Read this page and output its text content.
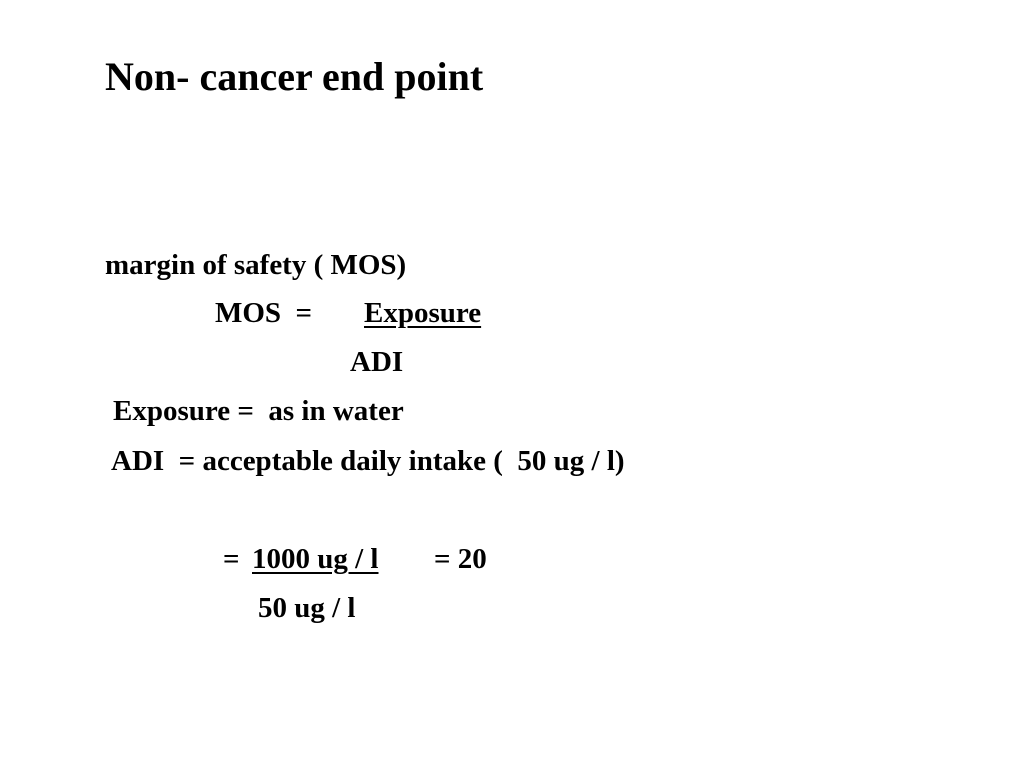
Non- cancer end point
margin of safety ( MOS)
MOS  = Exposure
ADI
Exposure =  as in water
ADI  = acceptable daily intake (  50 ug / l)
= 1000 ug / l = 20
50 ug / l
